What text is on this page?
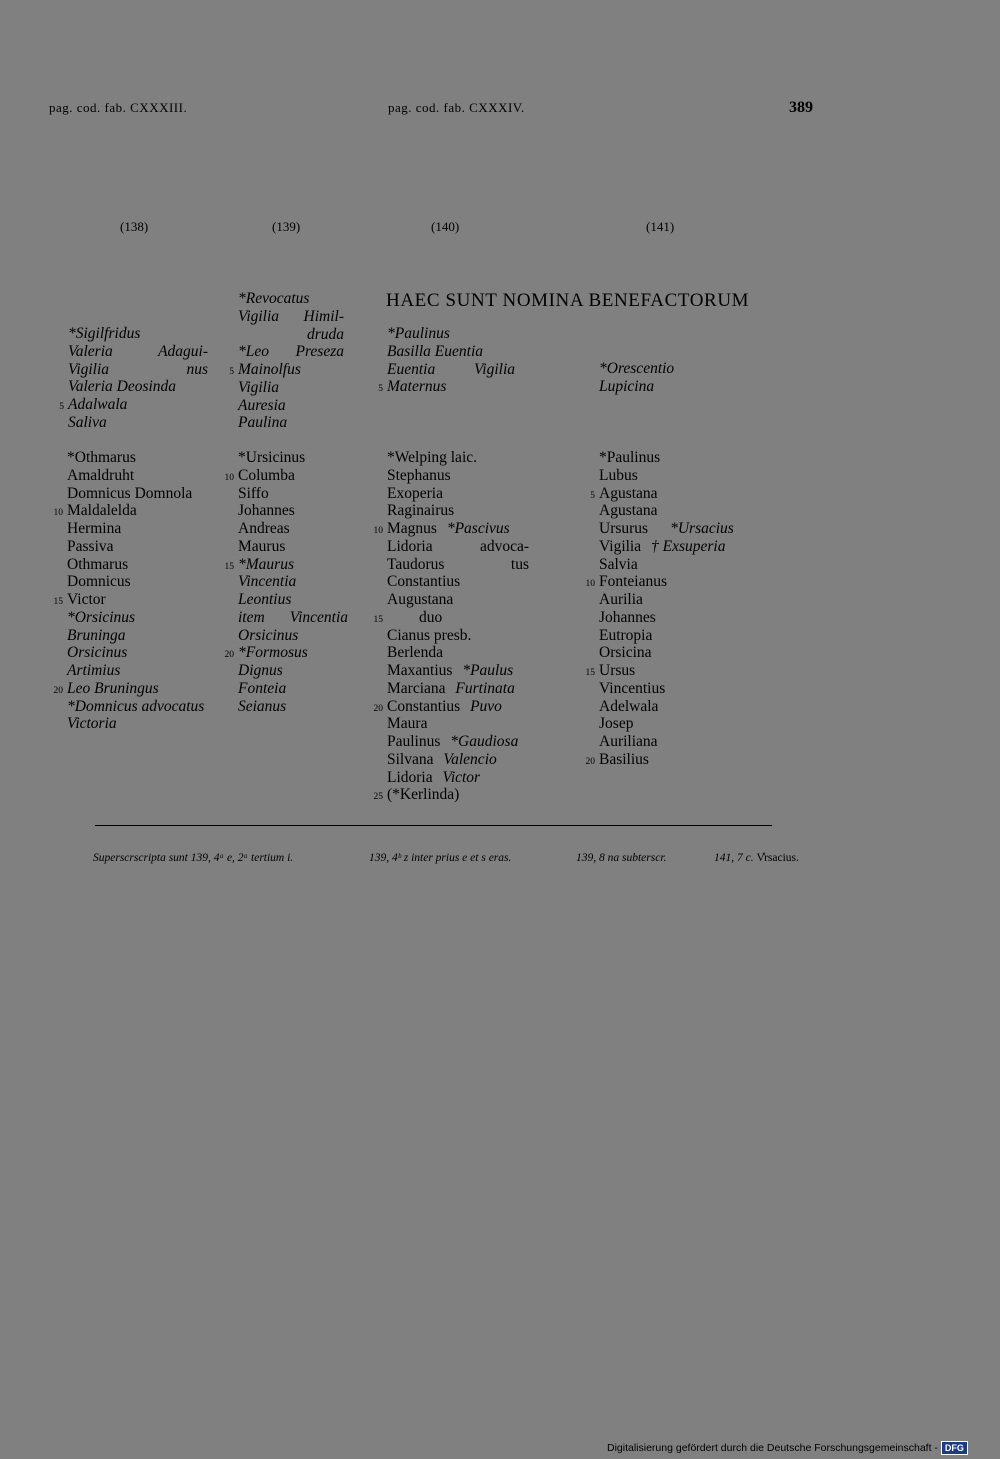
pag. cod. fab. CXXXIII.	pag. cod. fab. CXXXIV.	389
(138)	(139)	(140)	(141)
HAEC SUNT NOMINA BENEFACTORUM
*Sigilfridus
Valeria	Adagui-
Vigilia	nus
Valeria Deosinda
5 Adalwala
Saliva
*Othmarus
Amaldruht
Domnicus Domnola
10 Maldalelda
Hermina
Passiva
Othmarus
Domnicus
15 Victor
*Orsicinus
Bruninga
Orsicinus
Artimius
20 Leo Bruningus
*Domnicus advocatus
Victoria
*Revocatus
Vigilia Himil-
druda
*Leo Preseza
5 Mainolfus
Vigilia
Auresia
Paulina
*Ursicinus
10 Columba
Siffo
Johannes
Andreas
Maurus
15 *Maurus
Vincentia
Leontius
item Vincentia
Orsicinus
20 *Formosus
Dignus
Fonteia
Seianus
*Paulinus
Basilla Euentia
Euentia Vigilia
5 Maternus
*Welping laic.
Stephanus
Exoperia
Raginairus
10 Magnus *Pascivus
Lidoria	advoca-
Taudorus	tus
Constantius
Augustana
15 duo
Cianus presb.
Berlenda
Maxantius *Paulus
Marciana Furtinata
20 Constantius Puvo
Maura
Paulinus *Gaudiosa
Silvana Valencio
Lidoria Victor
25 (*Kerlinda)
*Orescentio
Lupicina
*Paulinus
Lubus
5 Agustana
Agustana
Ursurus *Ursacius
Vigilia † Exsuperia
Salvia
10 Fonteianus
Aurilia
Johannes
Eutropia
Orsicina
15 Ursus
Vincentius
Adelwala
Josep
Auriliana
20 Basilius
Superscrscripta sunt 139, 4ᵃ e, 2ᵃ tertium i.	139, 4ᵇ z inter prius e et s eras.	139, 8 na subterscr.	141, 7 c. V̊rsacius.
Digitalisierung gefördert durch die Deutsche Forschungsgemeinschaft - DFG
